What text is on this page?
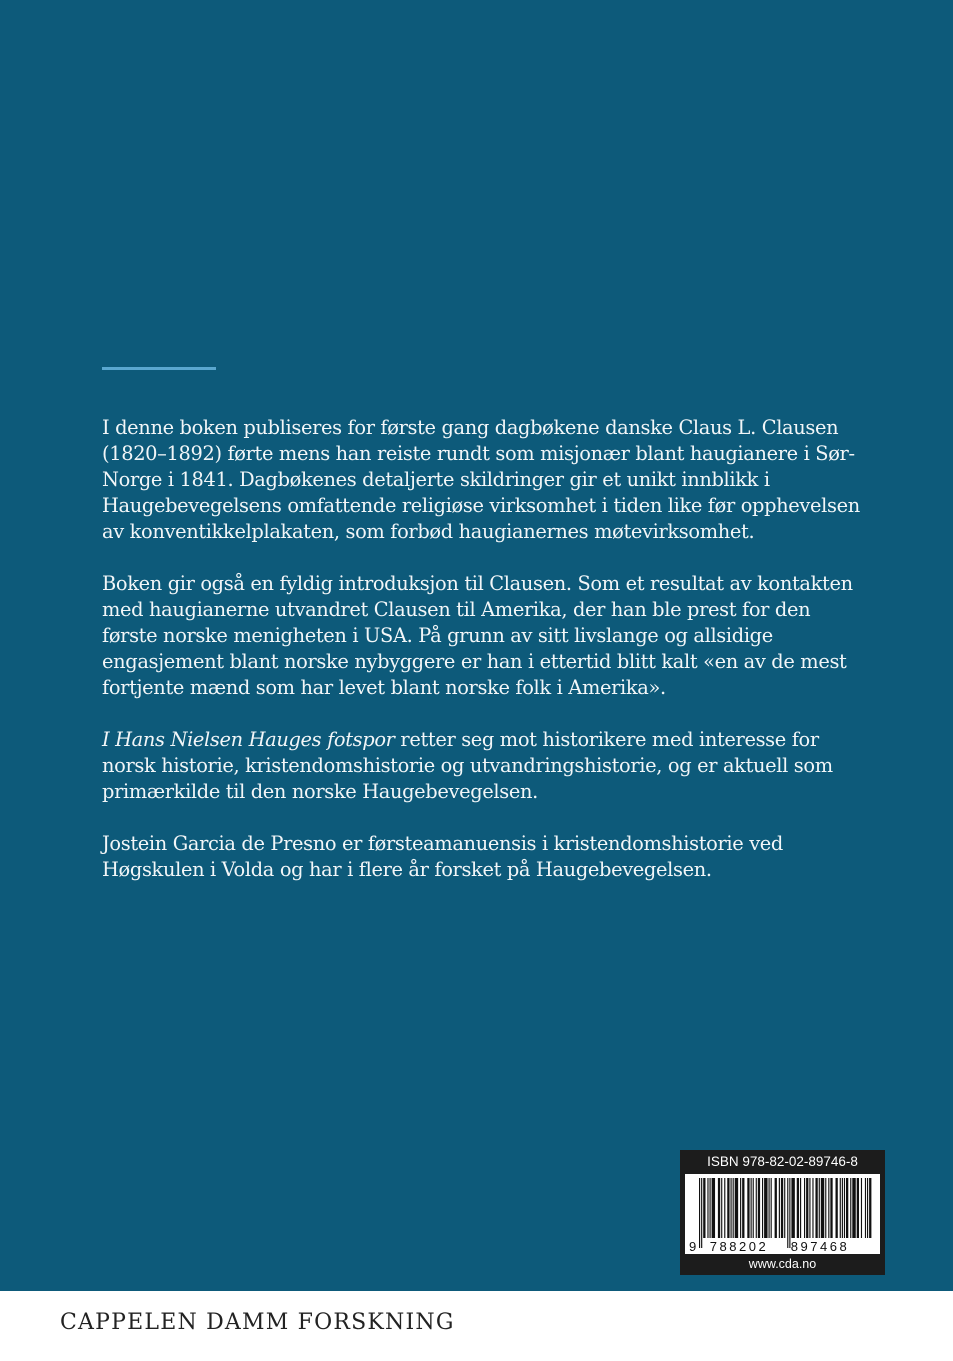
I denne boken publiseres for første gang dagbøkene danske Claus L. Clausen (1820–1892) førte mens han reiste rundt som misjonær blant haugianere i Sør-Norge i 1841. Dagbøkenes detaljerte skildringer gir et unikt innblikk i Haugebevegelsens omfattende religiøse virksomhet i tiden like før opphevelsen av konventikkelplakaten, som forbød haugianernes møtevirksomhet.

Boken gir også en fyldig introduksjon til Clausen. Som et resultat av kontakten med haugianerne utvandret Clausen til Amerika, der han ble prest for den første norske menigheten i USA. På grunn av sitt livslange og allsidige engasjement blant norske nybyggere er han i ettertid blitt kalt «en av de mest fortjente mænd som har levet blant norske folk i Amerika».

I Hans Nielsen Hauges fotspor retter seg mot historikere med interesse for norsk historie, kristendomshistorie og utvandringshistorie, og er aktuell som primærkilde til den norske Haugebevegelsen.

Jostein Garcia de Presno er førsteamanuensis i kristendomshistorie ved Høgskulen i Volda og har i flere år forsket på Haugebevegelsen.

ISBN 978-82-02-89746-8
9 788202 897468
www.cda.no
CAPPELEN DAMM FORSKNING
